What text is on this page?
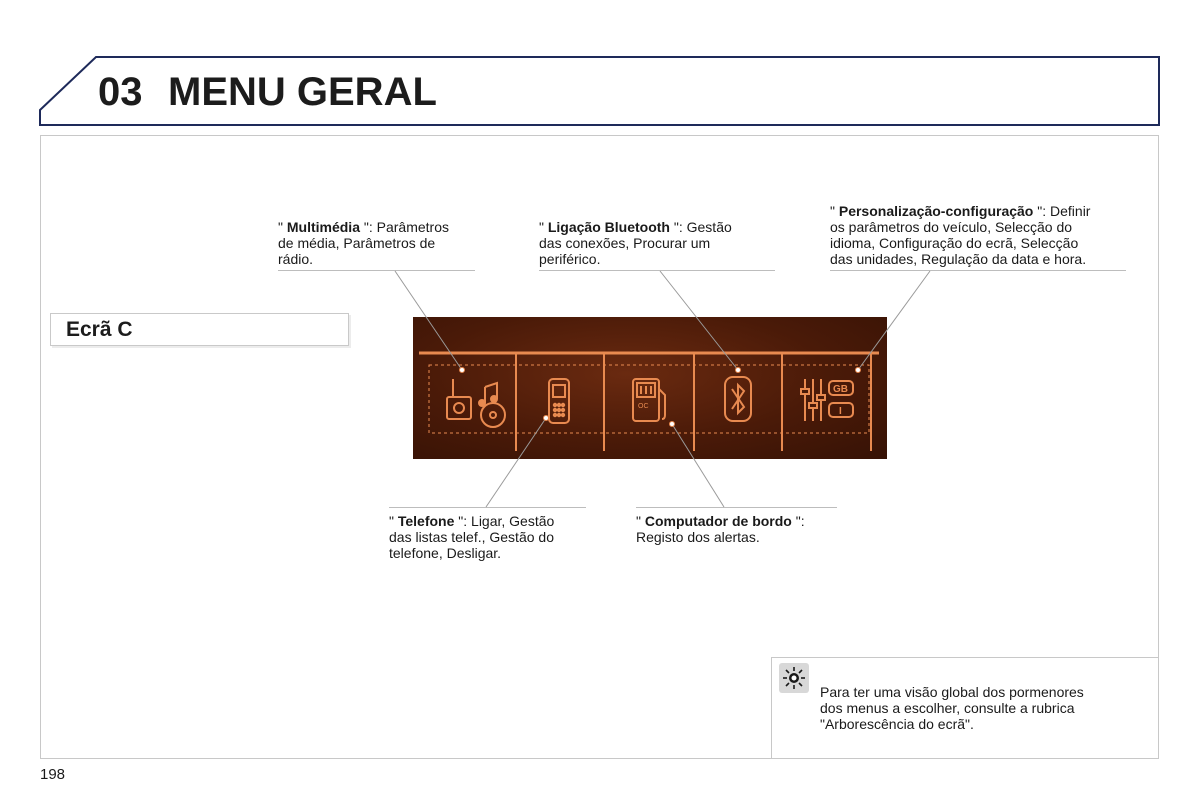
03 MENU GERAL
Ecrã C
" Multimédia ": Parâmetros
de média, Parâmetros de
rádio.
" Ligação Bluetooth ": Gestão
das conexões, Procurar um
periférico.
" Personalização-configuração ": Definir
os parâmetros do veículo, Selecção do
idioma, Configuração do ecrã, Selecção
das unidades, Regulação da data e hora.
" Telefone ": Ligar, Gestão
das listas telef., Gestão do
telefone, Desligar.
" Computador de bordo ":
Registo dos alertas.
OC
GB
I
Para ter uma visão global dos pormenores
dos menus a escolher, consulte a rubrica
"Arborescência do ecrã".
198
